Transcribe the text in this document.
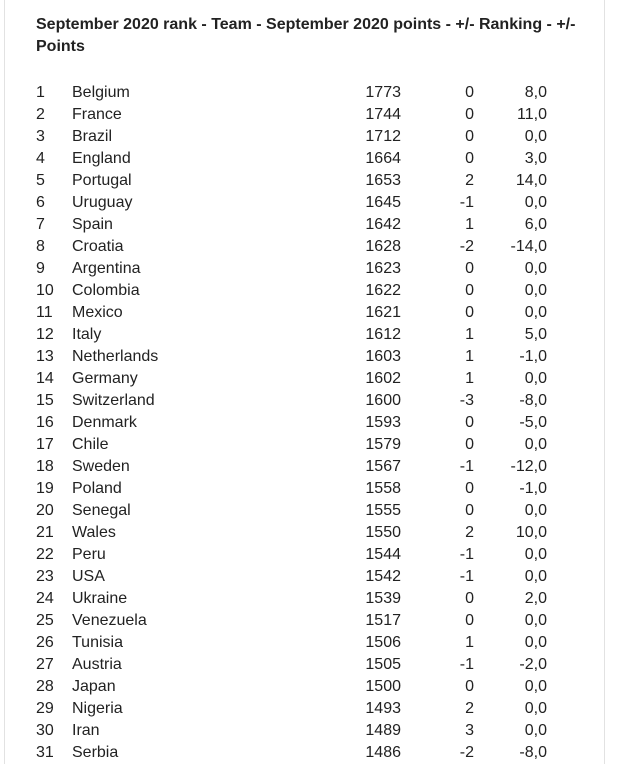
September 2020 rank - Team - September 2020 points - +/- Ranking - +/- Points

1 Belgium	1773	0	8,0
2 France	1744	0	11,0
3 Brazil	1712	0	0,0
4 England	1664	0	3,0
5 Portugal	1653	2	14,0
6 Uruguay	1645	-1	0,0
7 Spain	1642	1	6,0
8 Croatia	1628	-2	-14,0
9 Argentina	1623	0	0,0
10 Colombia	1622	0	0,0
11 Mexico	1621	0	0,0
12 Italy	1612	1	5,0
13 Netherlands	1603	1	-1,0
14 Germany	1602	1	0,0
15 Switzerland	1600	-3	-8,0
16 Denmark	1593	0	-5,0
17 Chile	1579	0	0,0
18 Sweden	1567	-1	-12,0
19 Poland	1558	0	-1,0
20 Senegal	1555	0	0,0
21 Wales	1550	2	10,0
22 Peru	1544	-1	0,0
23 USA	1542	-1	0,0
24 Ukraine	1539	0	2,0
25 Venezuela	1517	0	0,0
26 Tunisia	1506	1	0,0
27 Austria	1505	-1	-2,0
28 Japan	1500	0	0,0
29 Nigeria	1493	2	0,0
30 Iran	1489	3	0,0
31 Serbia	1486	-2	-8,0
